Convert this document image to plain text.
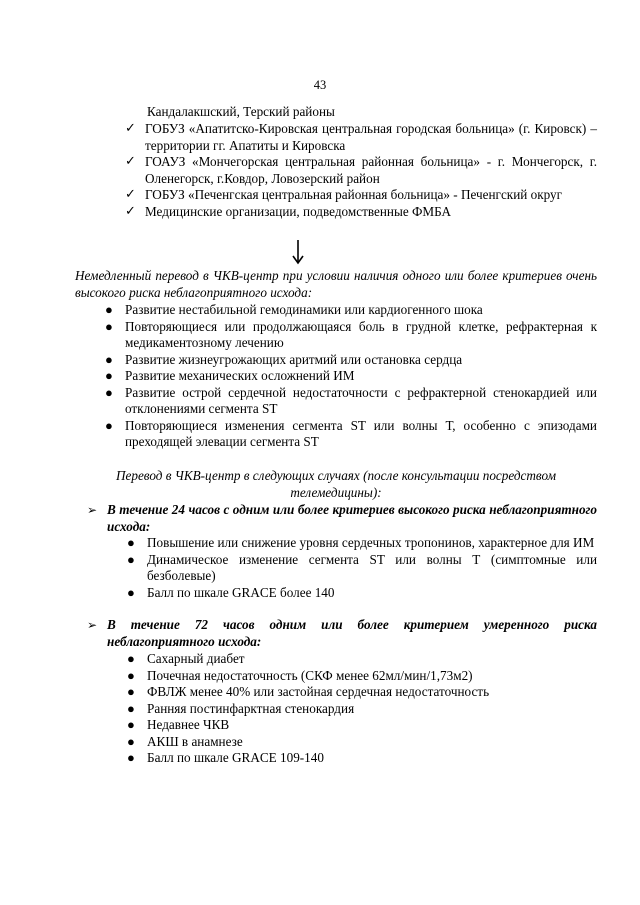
43
Кандалакшский, Терский районы
✓ ГОБУЗ «Апатитско-Кировская центральная городская больница» (г. Кировск) – территории гг. Апатиты и Кировска
✓ ГОАУЗ «Мончегорская центральная районная больница» - г. Мончегорск, г. Оленегорск, г.Ковдор, Ловозерский район
✓ ГОБУЗ «Печенгская центральная районная больница» - Печенгский округ
✓ Медицинские организации, подведомственные ФМБА
Немедленный перевод в ЧКВ-центр при условии наличия одного или более критериев очень высокого риска неблагоприятного исхода:
● Развитие нестабильной гемодинамики или кардиогенного шока
● Повторяющиеся или продолжающаяся боль в грудной клетке, рефрактерная к медикаментозному лечению
● Развитие жизнеугрожающих аритмий или остановка сердца
● Развитие механических осложнений ИМ
● Развитие острой сердечной недостаточности с рефрактерной стенокардией или отклонениями сегмента ST
● Повторяющиеся изменения сегмента ST или волны Т, особенно с эпизодами преходящей элевации сегмента ST
Перевод в ЧКВ-центр в следующих случаях (после консультации посредством телемедицины):
➢ В течение 24 часов с одним или более критериев высокого риска неблагоприятного исхода:
● Повышение или снижение уровня сердечных тропонинов, характерное для ИМ
● Динамическое изменение сегмента ST или волны Т (симптомные или безболевые)
● Балл по шкале GRACE более 140
➢ В течение 72 часов одним или более критерием умеренного риска неблагоприятного исхода:
● Сахарный диабет
● Почечная недостаточность (СКФ менее 62мл/мин/1,73м2)
● ФВЛЖ менее 40% или застойная сердечная недостаточность
● Ранняя постинфарктная стенокардия
● Недавнее ЧКВ
● АКШ в анамнезе
● Балл по шкале GRACE 109-140
